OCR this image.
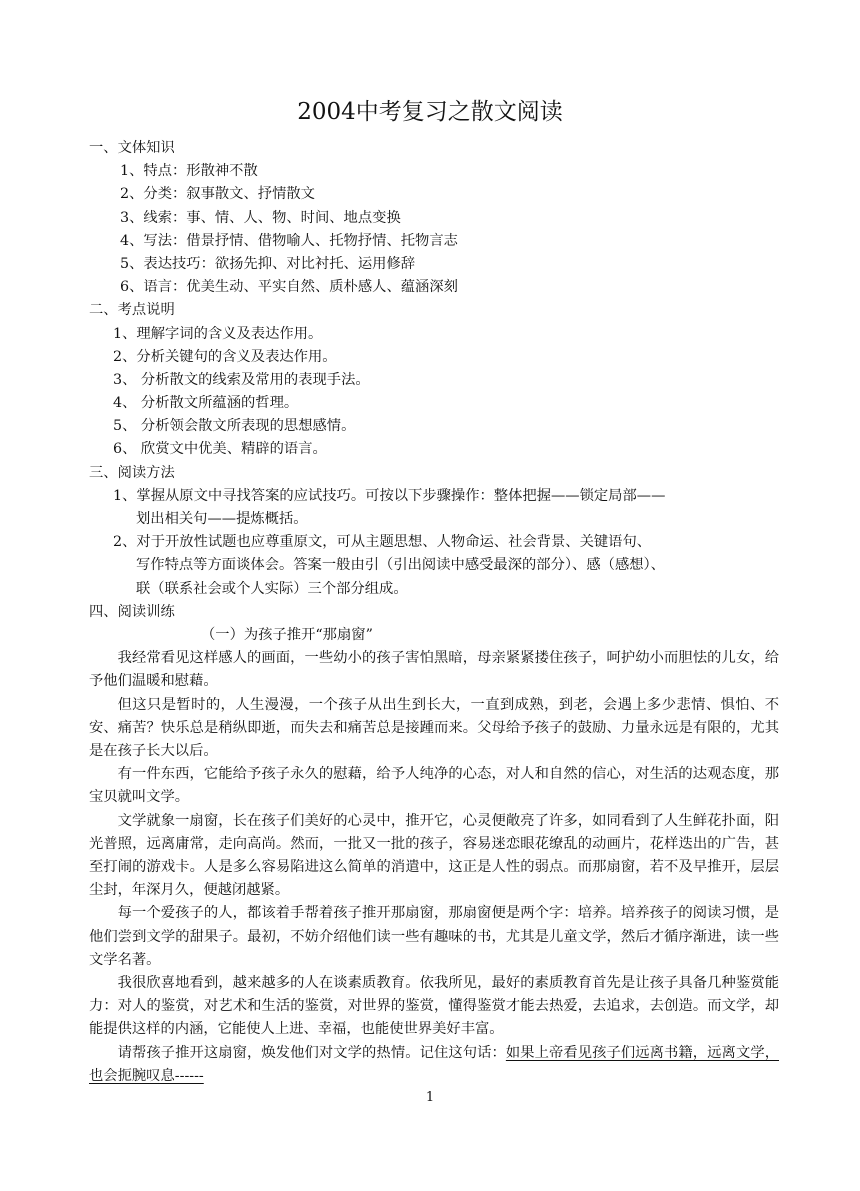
2004中考复习之散文阅读
一、文体知识
1、特点：形散神不散
2、分类：叙事散文、抒情散文
3、线索：事、情、人、物、时间、地点变换
4、写法：借景抒情、借物喻人、托物抒情、托物言志
5、表达技巧：欲扬先抑、对比衬托、运用修辞
6、语言：优美生动、平实自然、质朴感人、蕴涵深刻
二、考点说明
1、理解字词的含义及表达作用。
2、分析关键句的含义及表达作用。
3、 分析散文的线索及常用的表现手法。
4、 分析散文所蕴涵的哲理。
5、 分析领会散文所表现的思想感情。
6、 欣赏文中优美、精辟的语言。
三、阅读方法
1、掌握从原文中寻找答案的应试技巧。可按以下步骤操作：整体把握——锁定局部——
划出相关句——提炼概括。
2、对于开放性试题也应尊重原文，可从主题思想、人物命运、社会背景、关键语句、
写作特点等方面谈体会。答案一般由引（引出阅读中感受最深的部分）、感（感想）、
联（联系社会或个人实际）三个部分组成。
四、阅读训练
（一）为孩子推开“那扇窗”

我经常看见这样感人的画面，一些幼小的孩子害怕黑暗，母亲紧紧搂住孩子，呵护幼小而胆怯的儿女，给予他们温暖和慰藉。

但这只是暂时的，人生漫漫，一个孩子从出生到长大，一直到成熟，到老，会遇上多少悲情、惧怕、不安、痛苦？快乐总是稍纵即逝，而失去和痛苦总是接踵而来。父母给予孩子的鼓励、力量永远是有限的，尤其是在孩子长大以后。

有一件东西，它能给予孩子永久的慰藉，给予人纯净的心态，对人和自然的信心，对生活的达观态度，那宝贝就叫文学。

文学就象一扇窗，长在孩子们美好的心灵中，推开它，心灵便敞亮了许多，如同看到了人生鲜花扑面，阳光普照，远离庸常，走向高尚。然而，一批又一批的孩子，容易迷恋眼花缭乱的动画片，花样迭出的广告，甚至打闹的游戏卡。人是多么容易陷进这么简单的消遣中，这正是人性的弱点。而那扇窗，若不及早推开，层层尘封，年深月久，便越闭越紧。

每一个爱孩子的人，都该着手帮着孩子推开那扇窗，那扇窗便是两个字：培养。培养孩子的阅读习惯，是他们尝到文学的甜果子。最初，不妨介绍他们读一些有趣味的书，尤其是儿童文学，然后才循序渐进，读一些文学名著。

我很欣喜地看到，越来越多的人在谈素质教育。依我所见，最好的素质教育首先是让孩子具备几种鉴赏能力：对人的鉴赏，对艺术和生活的鉴赏，对世界的鉴赏，懂得鉴赏才能去热爱，去追求，去创造。而文学，却能提供这样的内涵，它能使人上进、幸福，也能使世界美好丰富。

请帮孩子推开这扇窗，焕发他们对文学的热情。记住这句话：如果上帝看见孩子们远离书籍，远离文学，也会扼腕叹息------

1
